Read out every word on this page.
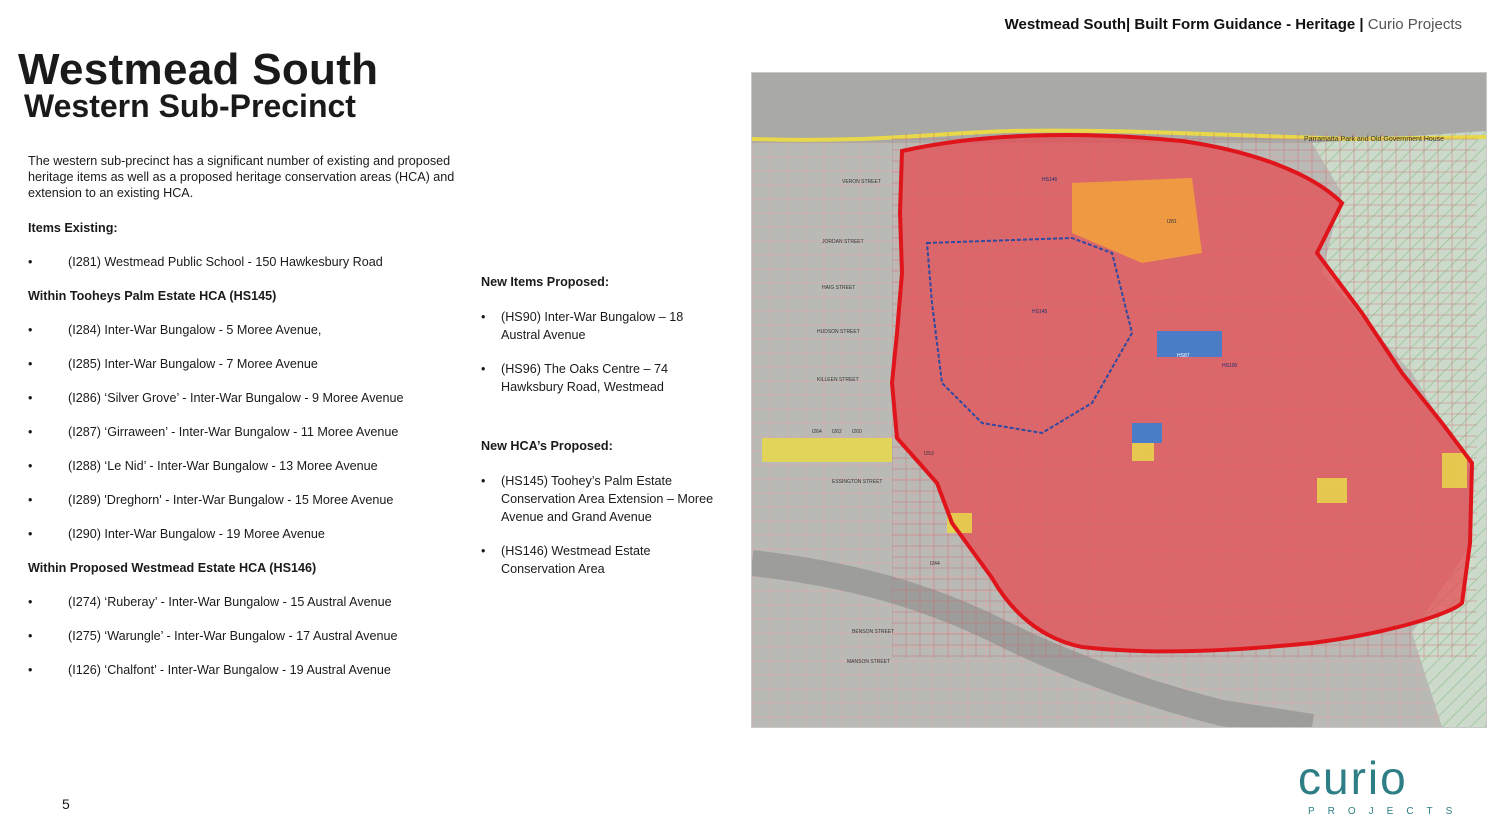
Westmead South| Built Form Guidance - Heritage | Curio Projects
Westmead South
Western Sub-Precinct
The western sub-precinct has a significant number of existing and proposed heritage items as well as a proposed heritage conservation areas (HCA) and extension to an existing HCA.
Items Existing:
•	(I281) Westmead Public School - 150 Hawkesbury Road
Within Tooheys Palm Estate HCA (HS145)
•	(I284) Inter-War Bungalow - 5 Moree Avenue,
•	(I285) Inter-War Bungalow - 7 Moree Avenue
•	(I286) ‘Silver Grove’ - Inter-War Bungalow - 9 Moree Avenue
•	(I287) ‘Girraween’ - Inter-War Bungalow - 11 Moree Avenue
•	(I288) ‘Le Nid’ - Inter-War Bungalow - 13 Moree Avenue
•	(I289) 'Dreghorn' - Inter-War Bungalow - 15 Moree Avenue
•	(I290) Inter-War Bungalow - 19 Moree Avenue
Within Proposed Westmead Estate HCA (HS146)
•	(I274) ‘Ruberay’ - Inter-War Bungalow - 15 Austral Avenue
•	(I275) ‘Warungle’ - Inter-War Bungalow - 17 Austral Avenue
•	(I126) ‘Chalfont’ - Inter-War Bungalow - 19 Austral Avenue
New Items Proposed:
• (HS90) Inter-War Bungalow – 18 Austral Avenue
• (HS96) The Oaks Centre – 74 Hawksbury Road, Westmead
New HCA’s Proposed:
• (HS145) Toohey’s Palm Estate Conservation Area Extension – Moree Avenue and Grand Avenue
• (HS146) Westmead Estate Conservation Area
Parramatta Park and Old Government House
VERON STREET
JORDAN STREET
HAIG STREET
HUDSON STREET
KILLEEN STREET
ESSINGTON STREET
BENSON STREET
MANSON STREET
HS145
HS146
HS87
HS100
I281
I253
I264 I262 I260
I244
5	curio
PROJECTS
